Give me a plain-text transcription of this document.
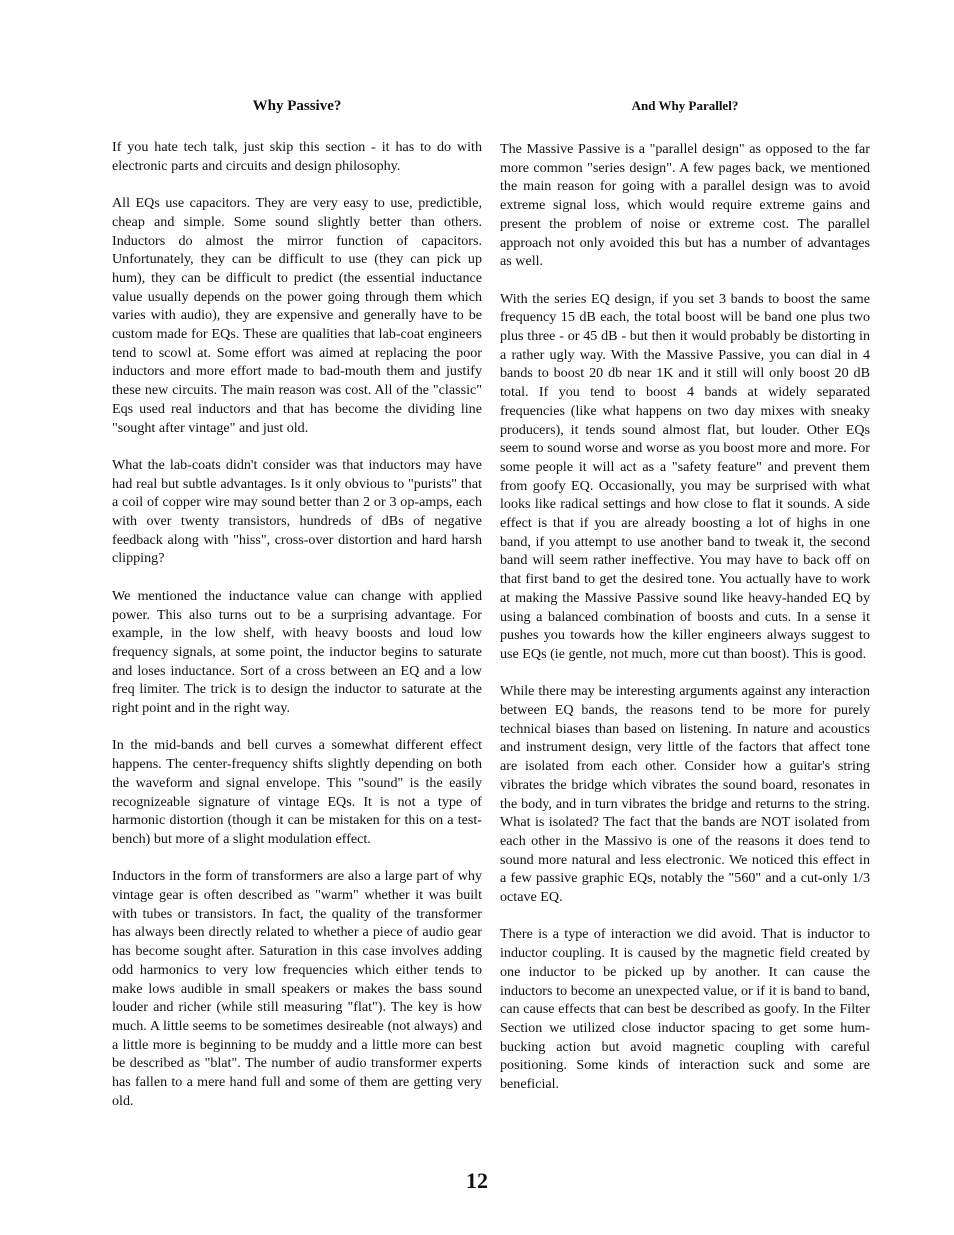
Why Passive?

If you hate tech talk, just skip this section - it has to do with electronic parts and circuits and design philosophy.

All EQs use capacitors. They are very easy to use, predictible, cheap and simple. Some sound slightly better than others. Inductors do almost the mirror function of capacitors. Unfortunately, they can be difficult to use (they can pick up hum), they can be difficult to predict (the essential inductance value usually depends on the power going through them which varies with audio), they are expensive and generally have to be custom made for EQs. These are qualities that lab-coat engineers tend to scowl at. Some effort was aimed at replacing the poor inductors and more effort made to bad-mouth them and justify these new circuits. The main reason was cost. All of the "classic" Eqs used real inductors and that has become the dividing line "sought after vintage" and just old.

What the lab-coats didn't consider was that inductors may have had real but subtle advantages. Is it only obvious to "purists" that a coil of copper wire may sound better than 2 or 3 op-amps, each with over twenty transistors, hundreds of dBs of negative feedback along with "hiss", cross-over distortion and hard harsh clipping?

We mentioned the inductance value can change with applied power. This also turns out to be a surprising advantage. For example, in the low shelf, with heavy boosts and loud low frequency signals, at some point, the inductor begins to saturate and loses inductance. Sort of a cross between an EQ and a low freq limiter. The trick is to design the inductor to saturate at the right point and in the right way.

In the mid-bands and bell curves a somewhat different effect happens. The center-frequency shifts slightly depending on both the waveform and signal envelope. This "sound" is the easily recognizeable signature of vintage EQs. It is not a type of harmonic distortion (though it can be mistaken for this on a test-bench) but more of a slight modulation effect.

Inductors in the form of transformers are also a large part of why vintage gear is often described as "warm" whether it was built with tubes or transistors. In fact, the quality of the transformer has always been directly related to whether a piece of audio gear has become sought after. Saturation in this case involves adding odd harmonics to very low frequencies which either tends to make lows audible in small speakers or makes the bass sound louder and richer (while still measuring "flat"). The key is how much. A little seems to be sometimes desireable (not always) and a little more is beginning to be muddy and a little more can best be described as "blat". The number of audio transformer experts has fallen to a mere hand full and some of them are getting very old.

And Why Parallel?

The Massive Passive is a "parallel design" as opposed to the far more common "series design". A few pages back, we mentioned the main reason for going with a parallel design was to avoid extreme signal loss, which would require extreme gains and present the problem of noise or extreme cost. The parallel approach not only avoided this but has a number of advantages as well.

With the series EQ design, if you set 3 bands to boost the same frequency 15 dB each, the total boost will be band one plus two plus three - or 45 dB - but then it would probably be distorting in a rather ugly way. With the Massive Passive, you can dial in 4 bands to boost 20 db near 1K and it still will only boost 20 dB total. If you tend to boost 4 bands at widely separated frequencies (like what happens on two day mixes with sneaky producers), it tends sound almost flat, but louder. Other EQs seem to sound worse and worse as you boost more and more. For some people it will act as a "safety feature" and prevent them from goofy EQ. Occasionally, you may be surprised with what looks like radical settings and how close to flat it sounds. A side effect is that if you are already boosting a lot of highs in one band, if you attempt to use another band to tweak it, the second band will seem rather ineffective. You may have to back off on that first band to get the desired tone. You actually have to work at making the Massive Passive sound like heavy-handed EQ by using a balanced combination of boosts and cuts. In a sense it pushes you towards how the killer engineers always suggest to use EQs (ie gentle, not much, more cut than boost). This is good.

While there may be interesting arguments against any interaction between EQ bands, the reasons tend to be more for purely technical biases than based on listening. In nature and acoustics and instrument design, very little of the factors that affect tone are isolated from each other. Consider how a guitar's string vibrates the bridge which vibrates the sound board, resonates in the body, and in turn vibrates the bridge and returns to the string. What is isolated? The fact that the bands are NOT isolated from each other in the Massivo is one of the reasons it does tend to sound more natural and less electronic. We noticed this effect in a few passive graphic EQs, notably the "560" and a cut-only 1/3 octave EQ.

There is a type of interaction we did avoid. That is inductor to inductor coupling. It is caused by the magnetic field created by one inductor to be picked up by another. It can cause the inductors to become an unexpected value, or if it is band to band, can cause effects that can best be described as goofy. In the Filter Section we utilized close inductor spacing to get some hum-bucking action but avoid magnetic coupling with careful positioning. Some kinds of interaction suck and some are beneficial.

12
